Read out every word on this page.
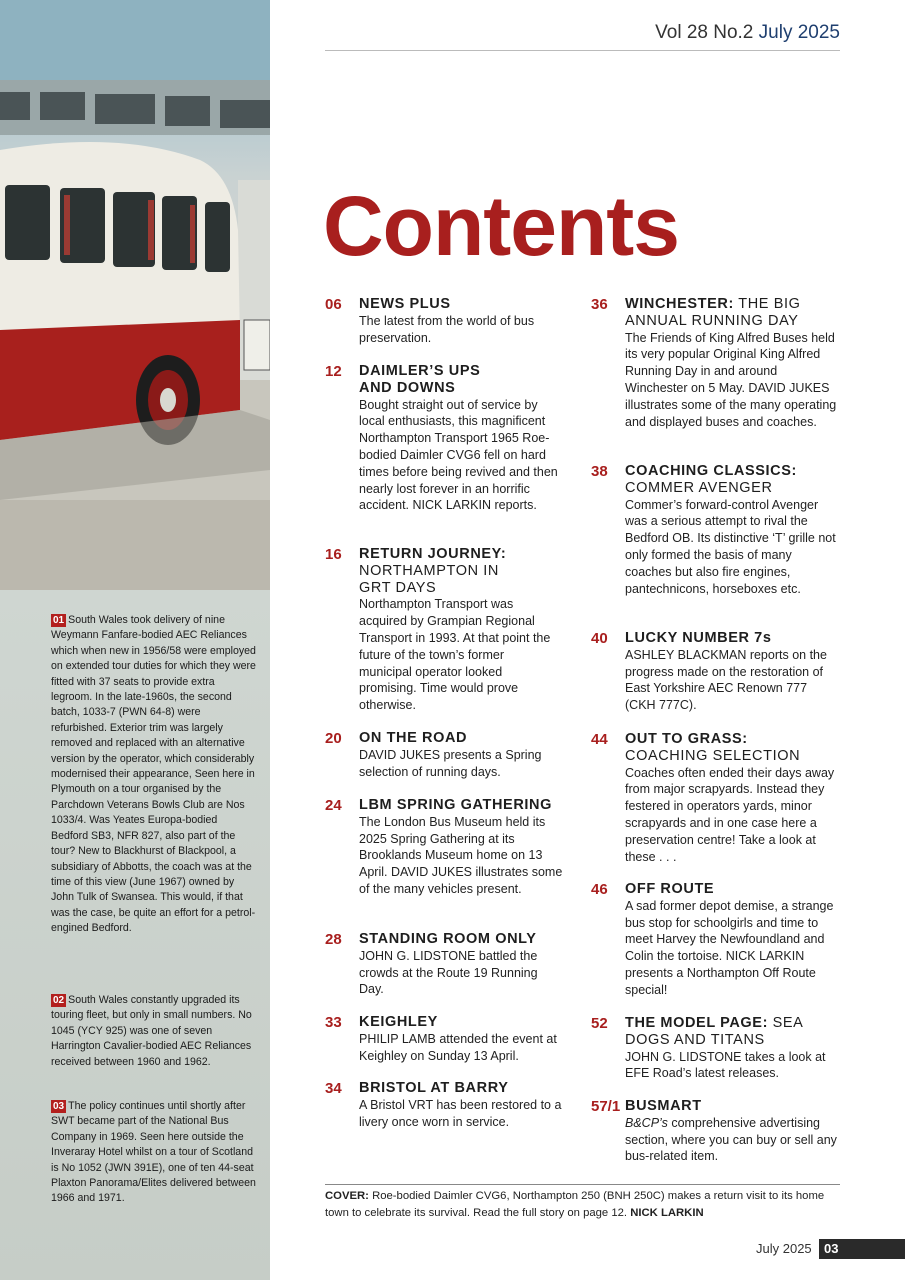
01 South Wales took delivery of nine Weymann Fanfare-bodied AEC Reliances which when new in 1956/58 were employed on extended tour duties for which they were fitted with 37 seats to provide extra legroom. In the late-1960s, the second batch, 1033-7 (PWN 64-8) were refurbished. Exterior trim was largely removed and replaced with an alternative version by the operator, which considerably modernised their appearance, Seen here in Plymouth on a tour organised by the Parchdown Veterans Bowls Club are Nos 1033/4. Was Yeates Europa-bodied Bedford SB3, NFR 827, also part of the tour? New to Blackhurst of Blackpool, a subsidiary of Abbotts, the coach was at the time of this view (June 1967) owned by John Tulk of Swansea. This would, if that was the case, be quite an effort for a petrol-engined Bedford.
02 South Wales constantly upgraded its touring fleet, but only in small numbers. No 1045 (YCY 925) was one of seven Harrington Cavalier-bodied AEC Reliances received between 1960 and 1962.
03 The policy continues until shortly after SWT became part of the National Bus Company in 1969. Seen here outside the Inveraray Hotel whilst on a tour of Scotland is No 1052 (JWN 391E), one of ten 44-seat Plaxton Panorama/Elites delivered between 1966 and 1971.
Vol 28 No.2 July 2025
Contents
06 NEWS PLUS
The latest from the world of bus preservation.
12 DAIMLER’S UPS AND DOWNS
Bought straight out of service by local enthusiasts, this magnificent Northampton Transport 1965 Roe-bodied Daimler CVG6 fell on hard times before being revived and then nearly lost forever in an horrific accident. NICK LARKIN reports.
16 RETURN JOURNEY: NORTHAMPTON IN GRT DAYS
Northampton Transport was acquired by Grampian Regional Transport in 1993. At that point the future of the town’s former municipal operator looked promising. Time would prove otherwise.
20 ON THE ROAD
DAVID JUKES presents a Spring selection of running days.
24 LBM SPRING GATHERING
The London Bus Museum held its 2025 Spring Gathering at its Brooklands Museum home on 13 April. DAVID JUKES illustrates some of the many vehicles present.
28 STANDING ROOM ONLY
JOHN G. LIDSTONE battled the crowds at the Route 19 Running Day.
33 KEIGHLEY
PHILIP LAMB attended the event at Keighley on Sunday 13 April.
34 BRISTOL AT BARRY
A Bristol VRT has been restored to a livery once worn in service.
36 WINCHESTER: THE BIG ANNUAL RUNNING DAY
The Friends of King Alfred Buses held its very popular Original King Alfred Running Day in and around Winchester on 5 May. DAVID JUKES illustrates some of the many operating and displayed buses and coaches.
38 COACHING CLASSICS: COMMER AVENGER
Commer’s forward-control Avenger was a serious attempt to rival the Bedford OB. Its distinctive ‘T’ grille not only formed the basis of many coaches but also fire engines, pantechnicons, horseboxes etc.
40 LUCKY NUMBER 7s
ASHLEY BLACKMAN reports on the progress made on the restoration of East Yorkshire AEC Renown 777 (CKH 777C).
44 OUT TO GRASS: COACHING SELECTION
Coaches often ended their days away from major scrapyards. Instead they festered in operators yards, minor scrapyards and in one case here a preservation centre! Take a look at these . . .
46 OFF ROUTE
A sad former depot demise, a strange bus stop for schoolgirls and time to meet Harvey the Newfoundland and Colin the tortoise. NICK LARKIN presents a Northampton Off Route special!
52 THE MODEL PAGE: SEA DOGS AND TITANS
JOHN G. LIDSTONE takes a look at EFE Road’s latest releases.
57/1 BUSMART
B&CP’s comprehensive advertising section, where you can buy or sell any bus-related item.
COVER: Roe-bodied Daimler CVG6, Northampton 250 (BNH 250C) makes a return visit to its home town to celebrate its survival. Read the full story on page 12. NICK LARKIN
July 2025 03
